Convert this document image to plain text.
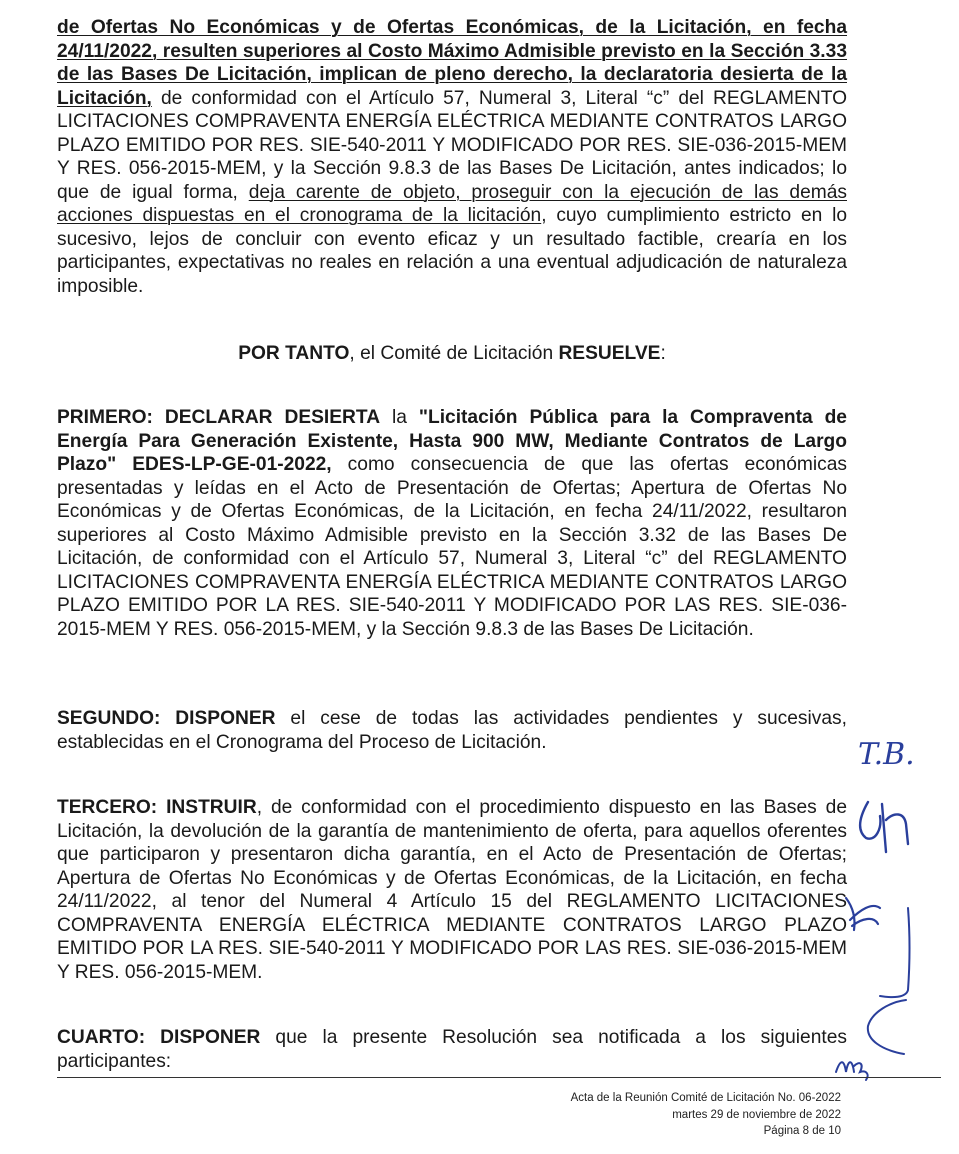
de Ofertas No Económicas y de Ofertas Económicas, de la Licitación, en fecha 24/11/2022, resulten superiores al Costo Máximo Admisible previsto en la Sección 3.33 de las Bases De Licitación, implican de pleno derecho, la declaratoria desierta de la Licitación, de conformidad con el Artículo 57, Numeral 3, Literal “c” del REGLAMENTO LICITACIONES COMPRAVENTA ENERGÍA ELÉCTRICA MEDIANTE CONTRATOS LARGO PLAZO EMITIDO POR RES. SIE-540-2011 Y MODIFICADO POR RES. SIE-036-2015-MEM Y RES. 056-2015-MEM, y la Sección 9.8.3 de las Bases De Licitación, antes indicados; lo que de igual forma, deja carente de objeto, proseguir con la ejecución de las demás acciones dispuestas en el cronograma de la licitación, cuyo cumplimiento estricto en lo sucesivo, lejos de concluir con evento eficaz y un resultado factible, crearía en los participantes, expectativas no reales en relación a una eventual adjudicación de naturaleza imposible.

POR TANTO, el Comité de Licitación RESUELVE:

PRIMERO: DECLARAR DESIERTA la "Licitación Pública para la Compraventa de Energía Para Generación Existente, Hasta 900 MW, Mediante Contratos de Largo Plazo" EDES-LP-GE-01-2022, como consecuencia de que las ofertas económicas presentadas y leídas en el Acto de Presentación de Ofertas; Apertura de Ofertas No Económicas y de Ofertas Económicas, de la Licitación, en fecha 24/11/2022, resultaron superiores al Costo Máximo Admisible previsto en la Sección 3.32 de las Bases De Licitación, de conformidad con el Artículo 57, Numeral 3, Literal “c” del REGLAMENTO LICITACIONES COMPRAVENTA ENERGÍA ELÉCTRICA MEDIANTE CONTRATOS LARGO PLAZO EMITIDO POR LA RES. SIE-540-2011 Y MODIFICADO POR LAS RES. SIE-036-2015-MEM Y RES. 056-2015-MEM, y la Sección 9.8.3 de las Bases De Licitación.

SEGUNDO: DISPONER el cese de todas las actividades pendientes y sucesivas, establecidas en el Cronograma del Proceso de Licitación.

TERCERO: INSTRUIR, de conformidad con el procedimiento dispuesto en las Bases de Licitación, la devolución de la garantía de mantenimiento de oferta, para aquellos oferentes que participaron y presentaron dicha garantía, en el Acto de Presentación de Ofertas; Apertura de Ofertas No Económicas y de Ofertas Económicas, de la Licitación, en fecha 24/11/2022, al tenor del Numeral 4 Artículo 15 del REGLAMENTO LICITACIONES COMPRAVENTA ENERGÍA ELÉCTRICA MEDIANTE CONTRATOS LARGO PLAZO EMITIDO POR LA RES. SIE-540-2011 Y MODIFICADO POR LAS RES. SIE-036-2015-MEM Y RES. 056-2015-MEM.

CUARTO: DISPONER que la presente Resolución sea notificada a los siguientes participantes:

T.B.
Acta de la Reunión Comité de Licitación No. 06-2022
martes 29 de noviembre de 2022
Página 8 de 10
